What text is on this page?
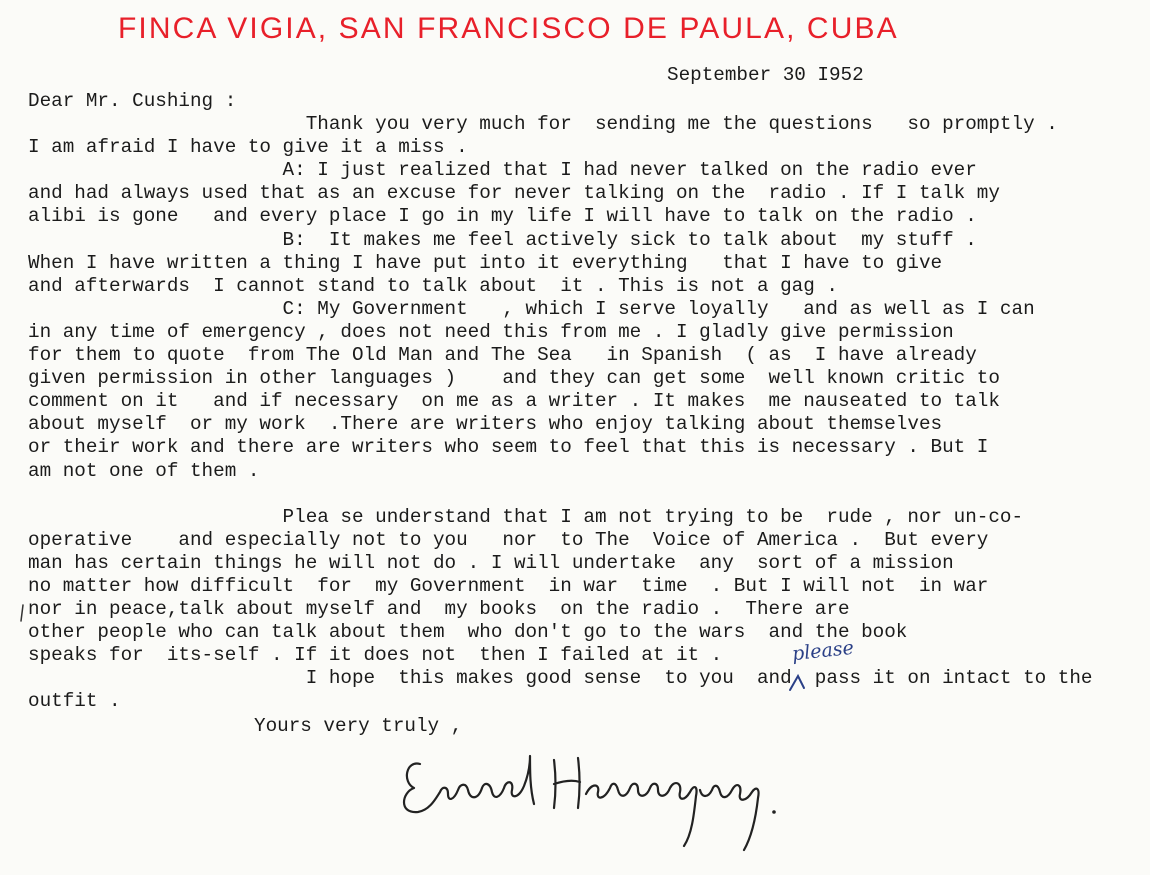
FINCA VIGIA, SAN FRANCISCO DE PAULA, CUBA
September 30 I952
Dear Mr. Cushing :
Thank you very much for  sending me the questions   so promptly .
I am afraid I have to give it a miss .
A: I just realized that I had never talked on the radio ever
and had always used that as an excuse for never talking on the  radio . If I talk my
alibi is gone   and every place I go in my life I will have to talk on the radio .
B:  It makes me feel actively sick to talk about  my stuff .
When I have written a thing I have put into it everything   that I have to give
and afterwards  I cannot stand to talk about  it . This is not a gag .
C: My Government   , which I serve loyally   and as well as I can
in any time of emergency , does not need this from me . I gladly give permission
for them to quote  from The Old Man and The Sea   in Spanish  ( as  I have already
given permission in other languages )    and they can get some  well known critic to
comment on it   and if necessary  on me as a writer . It makes  me nauseated to talk
about myself  or my work  .There are writers who enjoy talking about themselves
or their work and there are writers who seem to feel that this is necessary . But I
am not one of them .
Plea se understand that I am not trying to be  rude , nor un-co-
operative    and especially not to you   nor  to The  Voice of America .  But every
man has certain things he will not do . I will undertake  any  sort of a mission
no matter how difficult  for  my Government  in war  time  . But I will not  in war
nor in peace,talk about myself and  my books  on the radio .  There are
other people who can talk about them  who don't go to the wars  and the book
speaks for  its-self . If it does not  then I failed at it .
I hope  this makes good sense  to you  and  pass it on intact to the
outfit .
please
Yours very truly ,
